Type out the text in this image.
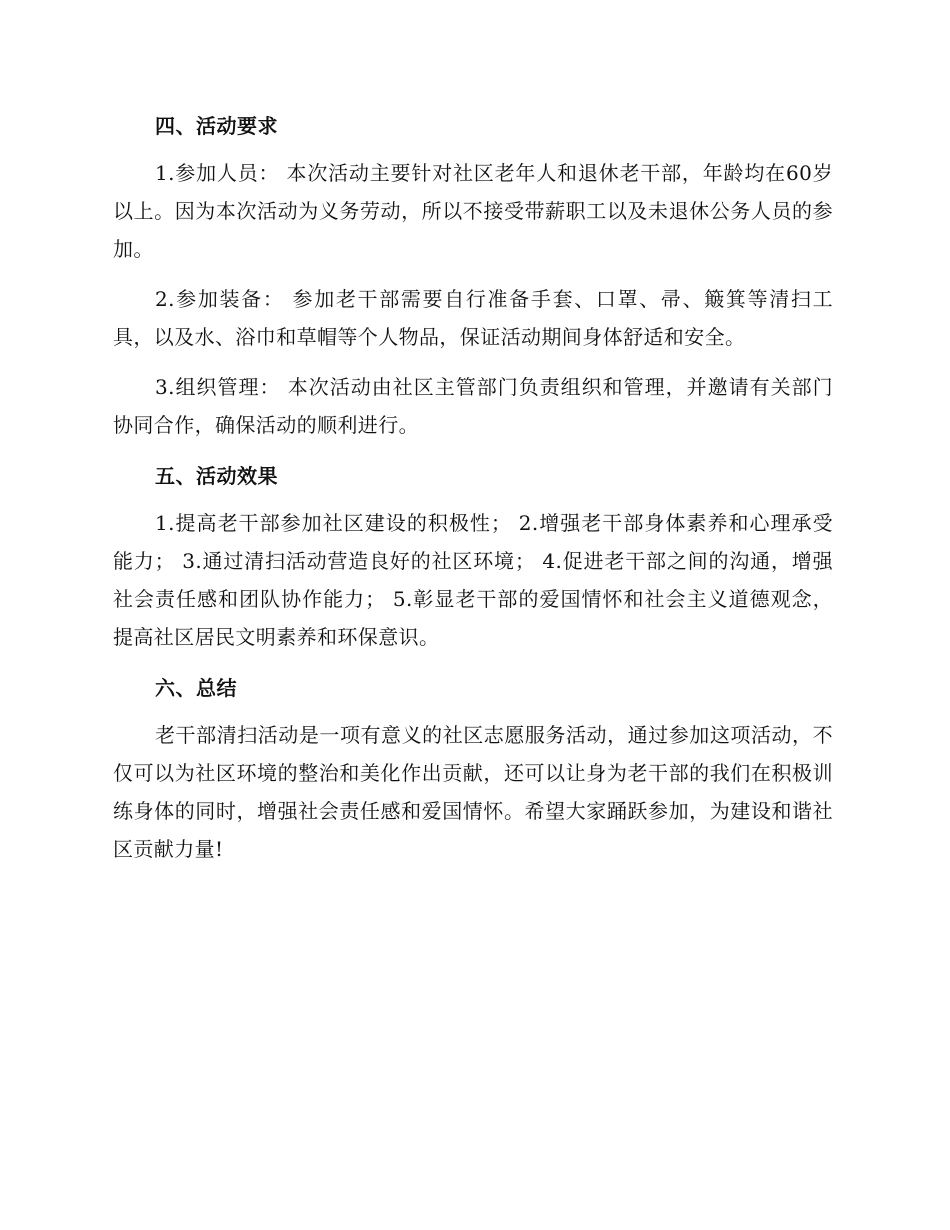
四、活动要求

1.参加人员： 本次活动主要针对社区老年人和退休老干部，年龄均在60岁以上。因为本次活动为义务劳动，所以不接受带薪职工以及未退休公务人员的参加。

2.参加装备： 参加老干部需要自行准备手套、口罩、帚、簸箕等清扫工具，以及水、浴巾和草帽等个人物品，保证活动期间身体舒适和安全。

3.组织管理： 本次活动由社区主管部门负责组织和管理，并邀请有关部门协同合作，确保活动的顺利进行。

五、活动效果

1.提高老干部参加社区建设的积极性； 2.增强老干部身体素养和心理承受能力； 3.通过清扫活动营造良好的社区环境； 4.促进老干部之间的沟通，增强社会责任感和团队协作能力； 5.彰显老干部的爱国情怀和社会主义道德观念，提高社区居民文明素养和环保意识。

六、总结

老干部清扫活动是一项有意义的社区志愿服务活动，通过参加这项活动，不仅可以为社区环境的整治和美化作出贡献，还可以让身为老干部的我们在积极训练身体的同时，增强社会责任感和爱国情怀。希望大家踊跃参加，为建设和谐社区贡献力量!
